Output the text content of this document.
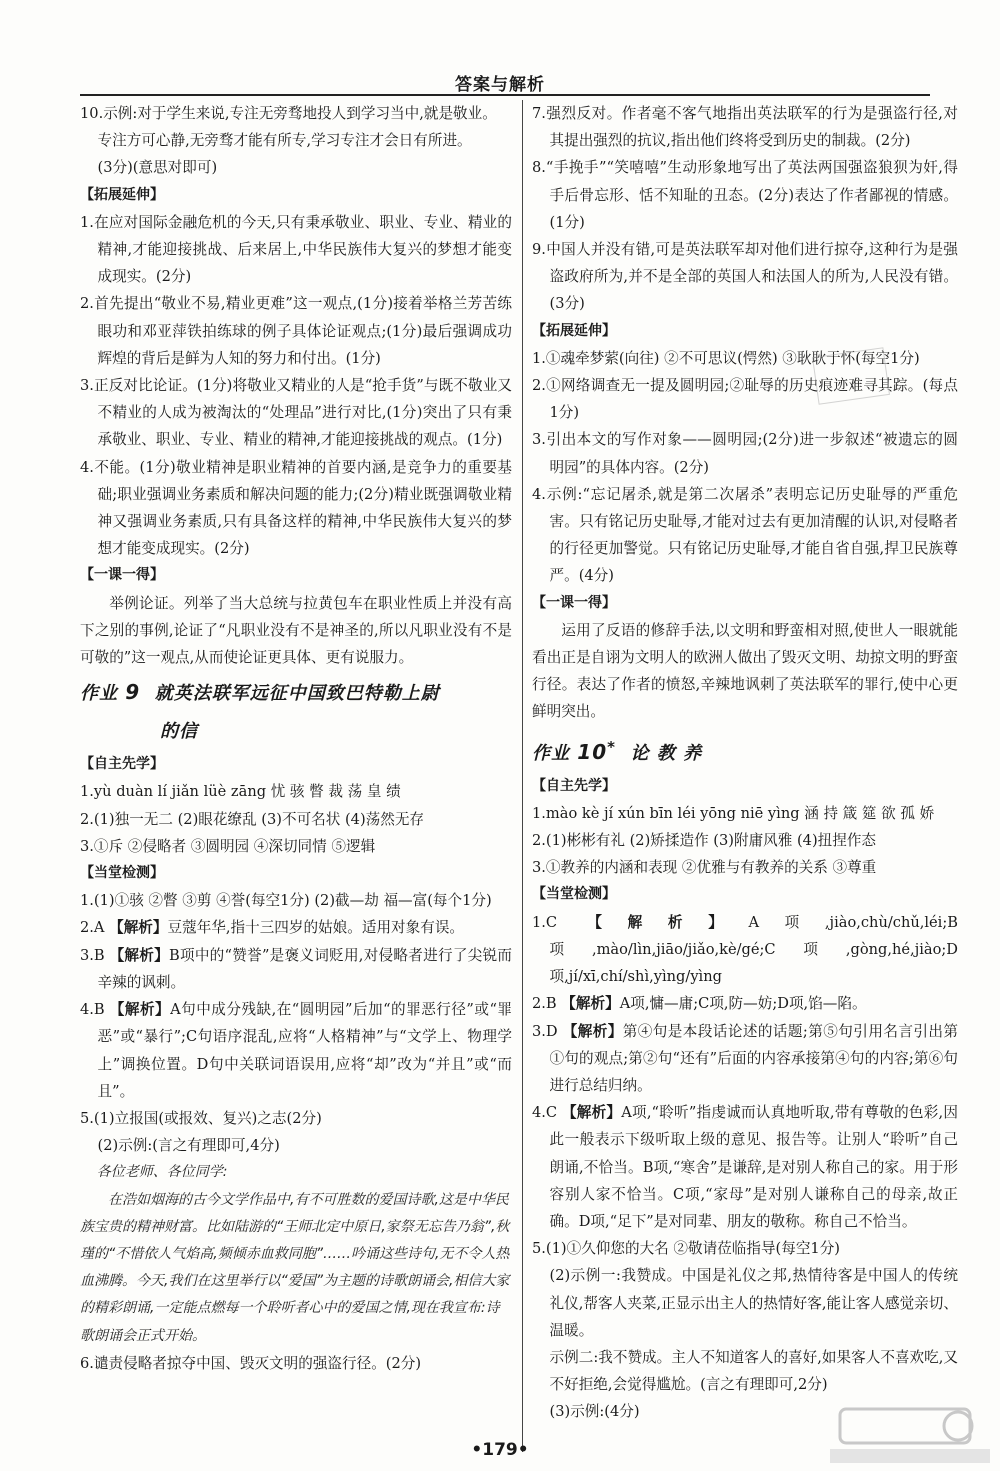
答案与解析

10.示例:对于学生来说,专注无旁骛地投人到学习当中,就是敬业。

专注方可心静,无旁骛才能有所专,学习专注才会日有所进。

(3分)(意思对即可)

【拓展延伸】

1.在应对国际金融危机的今天,只有秉承敬业、职业、专业、精业的精神,才能迎接挑战、后来居上,中华民族伟大复兴的梦想才能变成现实。(2分)

2.首先提出“敬业不易,精业更难”这一观点,(1分)接着举格兰芳苦练眼功和邓亚萍铁拍练球的例子具体论证观点;(1分)最后强调成功辉煌的背后是鲜为人知的努力和付出。(1分)

3.正反对比论证。(1分)将敬业又精业的人是“抢手货”与既不敬业又不精业的人成为被淘汰的“处理品”进行对比,(1分)突出了只有秉承敬业、职业、专业、精业的精神,才能迎接挑战的观点。(1分)

4.不能。(1分)敬业精神是职业精神的首要内涵,是竞争力的重要基础;职业强调业务素质和解决问题的能力;(2分)精业既强调敬业精神又强调业务素质,只有具备这样的精神,中华民族伟大复兴的梦想才能变成现实。(2分)

【一课一得】

举例论证。列举了当大总统与拉黄包车在职业性质上并没有高下之别的事例,论证了“凡职业没有不是神圣的,所以凡职业没有不是可敬的”这一观点,从而使论证更具体、更有说服力。

作业 9 就英法联军远征中国致巴特勒上尉
的信

【自主先学】

1.yù duàn lí jiǎn lüè zāng 忧 骇 瞥 裁 荡 皇 绩

2.(1)独一无二 (2)眼花缭乱 (3)不可名状 (4)荡然无存

3.①斥 ②侵略者 ③圆明园 ④深切同情 ⑤逻辑

【当堂检测】

1.(1)①骇 ②瞥 ③剪 ④誉(每空1分) (2)截—劫 福—富(每个1分)

2.A 【解析】豆蔻年华,指十三四岁的姑娘。适用对象有误。

3.B 【解析】B项中的“赞誉”是褒义词贬用,对侵略者进行了尖锐而辛辣的讽刺。

4.B 【解析】A句中成分残缺,在“圆明园”后加“的罪恶行径”或“罪恶”或“暴行”;C句语序混乱,应将“人格精神”与“文学上、物理学上”调换位置。D句中关联词语误用,应将“却”改为“并且”或“而且”。

5.(1)立报国(或报效、复兴)之志(2分)

(2)示例:(言之有理即可,4分)

各位老师、各位同学:

在浩如烟海的古今文学作品中,有不可胜数的爱国诗歌,这是中华民族宝贵的精神财富。比如陆游的“王师北定中原日,家祭无忘告乃翁”,秋瑾的“不惜依人气焰高,频倾赤血救同胞”……吟诵这些诗句,无不令人热血沸腾。今天,我们在这里举行以“爱国”为主题的诗歌朗诵会,相信大家的精彩朗诵,一定能点燃每一个聆听者心中的爱国之情,现在我宣布:诗歌朗诵会正式开始。

6.谴责侵略者掠夺中国、毁灭文明的强盗行径。(2分)

7.强烈反对。作者毫不客气地指出英法联军的行为是强盗行径,对其提出强烈的抗议,指出他们终将受到历史的制裁。(2分)

8.“手挽手”“笑嘻嘻”生动形象地写出了英法两国强盗狼狈为奸,得手后骨忘形、恬不知耻的丑态。(2分)表达了作者鄙视的情感。(1分)

9.中国人并没有错,可是英法联军却对他们进行掠夺,这种行为是强盗政府所为,并不是全部的英国人和法国人的所为,人民没有错。(3分)

【拓展延伸】

1.①魂牵梦萦(向往) ②不可思议(愕然) ③耿耿于怀(每空1分)

2.①网络调查无一提及圆明园;②耻辱的历史痕迹难寻其踪。(每点1分)

3.引出本文的写作对象——圆明园;(2分)进一步叙述“被遗忘的圆明园”的具体内容。(2分)

4.示例:“忘记屠杀,就是第二次屠杀”表明忘记历史耻辱的严重危害。只有铭记历史耻辱,才能对过去有更加清醒的认识,对侵略者的行径更加警觉。只有铭记历史耻辱,才能自省自强,捍卫民族尊严。(4分)

【一课一得】

运用了反语的修辞手法,以文明和野蛮相对照,使世人一眼就能看出正是自诩为文明人的欧洲人做出了毁灭文明、劫掠文明的野蛮行径。表达了作者的愤怒,辛辣地讽刺了英法联军的罪行,使中心更鲜明突出。

作业 10* 论 教 养

【自主先学】

1.mào kè jí xún bīn léi yōng niē yìng 涵 持 箴 筵 欲 孤 娇

2.(1)彬彬有礼 (2)矫揉造作 (3)附庸风雅 (4)扭捏作态

3.①教养的内涵和表现 ②优雅与有教养的关系 ③尊重

【当堂检测】

1.C 【解析】A项,jiào,chù/chǔ,léi;B项,mào/lìn,jiāo/jiǎo,kè/gé;C项,gòng,hé,jiào;D项,jí/xī,chí/shì,yìng/yìng

2.B 【解析】A项,慵—庸;C项,防—妨;D项,馅—陷。

3.D 【解析】第④句是本段话论述的话题;第⑤句引用名言引出第①句的观点;第②句“还有”后面的内容承接第④句的内容;第⑥句进行总结归纳。

4.C 【解析】A项,“聆听”指虔诚而认真地听取,带有尊敬的色彩,因此一般表示下级听取上级的意见、报告等。让别人“聆听”自己朗诵,不恰当。B项,“寒舍”是谦辞,是对别人称自己的家。用于形容别人家不恰当。C项,“家母”是对别人谦称自己的母亲,故正确。D项,“足下”是对同辈、朋友的敬称。称自己不恰当。

5.(1)①久仰您的大名 ②敬请莅临指导(每空1分)

(2)示例一:我赞成。中国是礼仪之邦,热情待客是中国人的传统礼仪,帮客人夹菜,正显示出主人的热情好客,能让客人感觉亲切、温暖。

示例二:我不赞成。主人不知道客人的喜好,如果客人不喜欢吃,又不好拒绝,会觉得尴尬。(言之有理即可,2分)

(3)示例:(4分)

•179•
